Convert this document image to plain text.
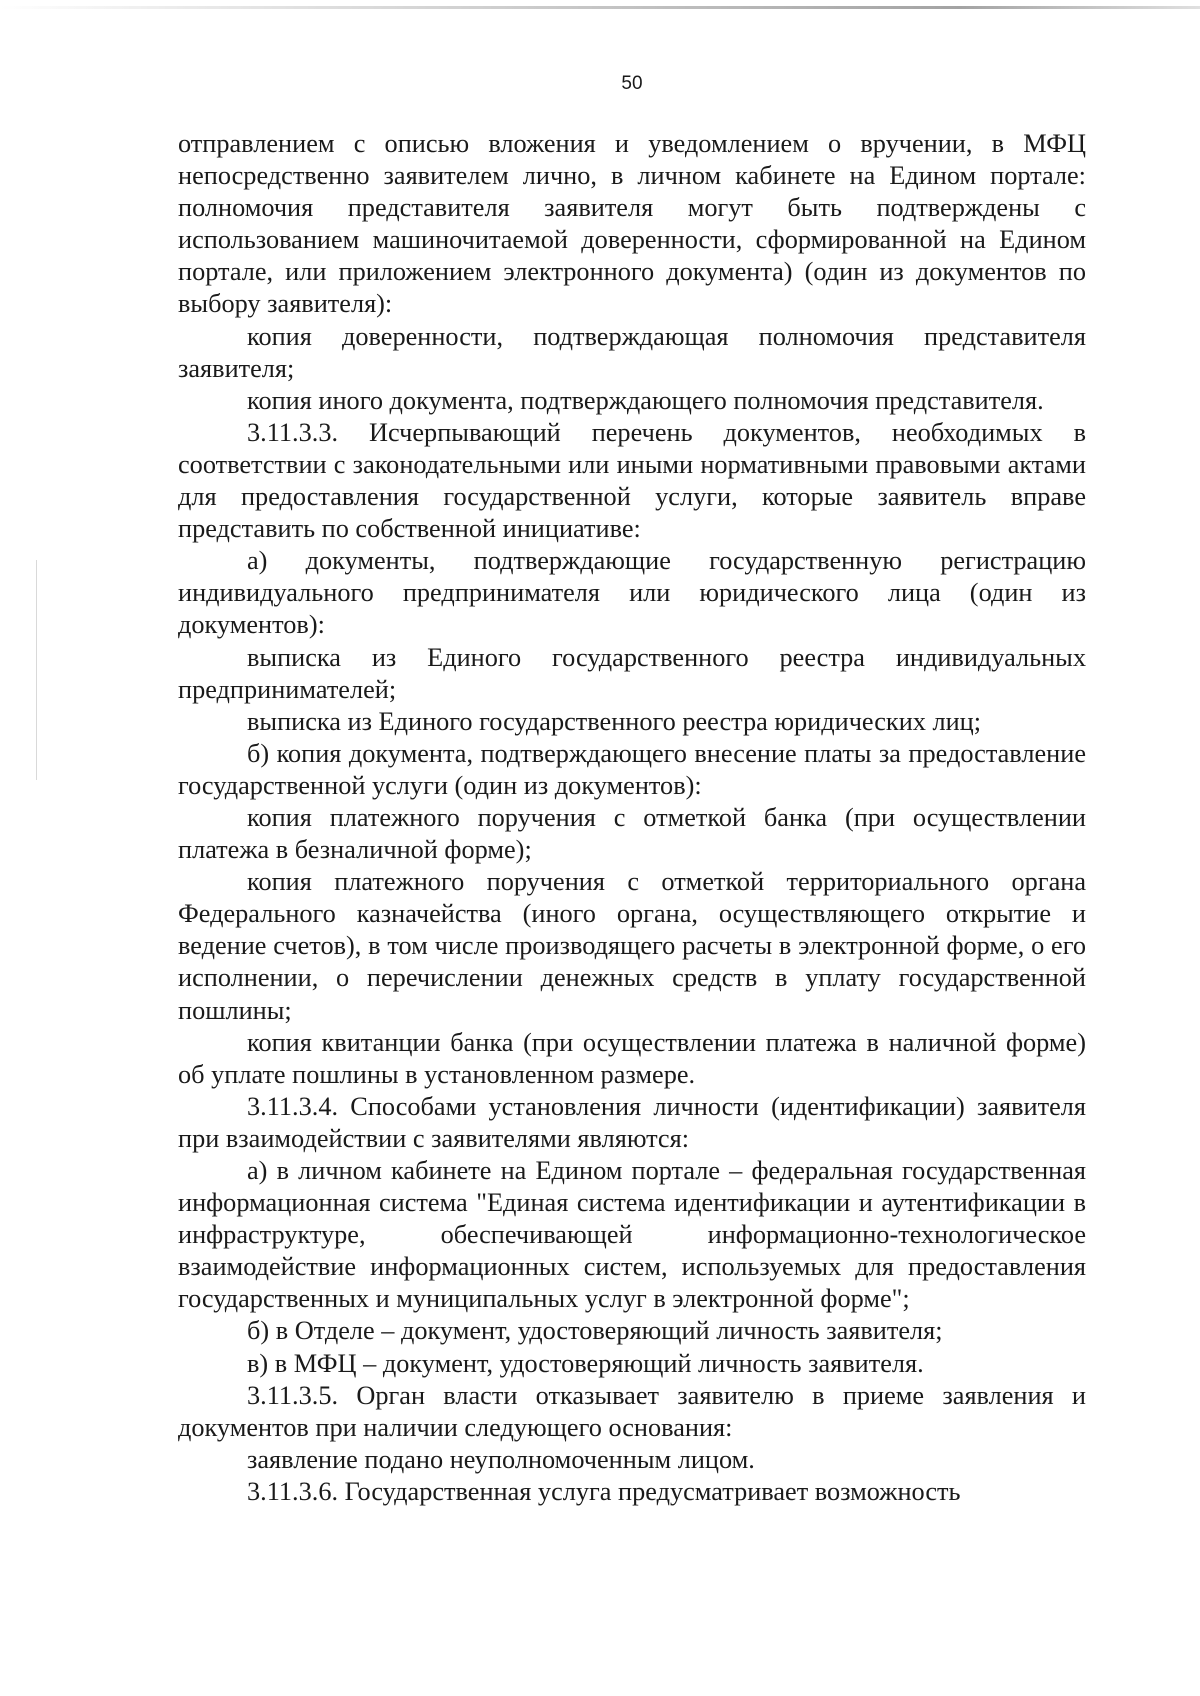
50

отправлением с описью вложения и уведомлением о вручении, в МФЦ непосредственно заявителем лично, в личном кабинете на Едином портале: полномочия представителя заявителя могут быть подтверждены с использованием машиночитаемой доверенности, сформированной на Едином портале, или приложением электронного документа) (один из документов по выбору заявителя):

копия доверенности, подтверждающая полномочия представителя заявителя;

копия иного документа, подтверждающего полномочия представителя.

3.11.3.3. Исчерпывающий перечень документов, необходимых в соответствии с законодательными или иными нормативными правовыми актами для предоставления государственной услуги, которые заявитель вправе представить по собственной инициативе:

а) документы, подтверждающие государственную регистрацию индивидуального предпринимателя или юридического лица (один из документов):

выписка из Единого государственного реестра индивидуальных предпринимателей;

выписка из Единого государственного реестра юридических лиц;

б) копия документа, подтверждающего внесение платы за предоставление государственной услуги (один из документов):

копия платежного поручения с отметкой банка (при осуществлении платежа в безналичной форме);

копия платежного поручения с отметкой территориального органа Федерального казначейства (иного органа, осуществляющего открытие и ведение счетов), в том числе производящего расчеты в электронной форме, о его исполнении, о перечислении денежных средств в уплату государственной пошлины;

копия квитанции банка (при осуществлении платежа в наличной форме) об уплате пошлины в установленном размере.

3.11.3.4. Способами установления личности (идентификации) заявителя при взаимодействии с заявителями являются:

а) в личном кабинете на Едином портале – федеральная государственная информационная система "Единая система идентификации и аутентификации в инфраструктуре, обеспечивающей информационно-технологическое взаимодействие информационных систем, используемых для предоставления государственных и муниципальных услуг в электронной форме";

б) в Отделе – документ, удостоверяющий личность заявителя;

в) в МФЦ – документ, удостоверяющий личность заявителя.

3.11.3.5. Орган власти отказывает заявителю в приеме заявления и документов при наличии следующего основания:

заявление подано неуполномоченным лицом.

3.11.3.6. Государственная услуга предусматривает возможность
